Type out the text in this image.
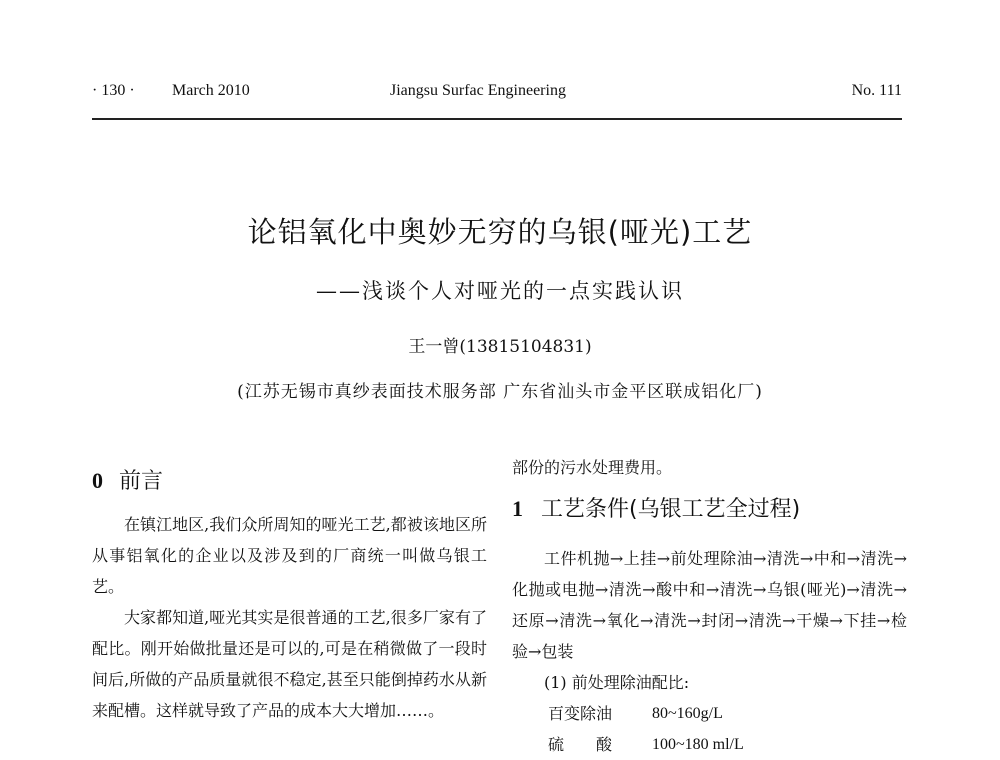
· 130 · March 2010	Jiangsu Surfac Engineering	No. 111
论铝氧化中奥妙无穷的乌银(哑光)工艺
——浅谈个人对哑光的一点实践认识
王一曾(13815104831)
(江苏无锡市真纱表面技术服务部 广东省汕头市金平区联成铝化厂)
0 前言

在镇江地区,我们众所周知的哑光工艺,都被该地区所从事铝氧化的企业以及涉及到的厂商统一叫做乌银工艺。

大家都知道,哑光其实是很普通的工艺,很多厂家有了配比。刚开始做批量还是可以的,可是在稍微做了一段时间后,所做的产品质量就很不稳定,甚至只能倒掉药水从新来配槽。这样就导致了产品的成本大大增加……。

部份的污水处理费用。

1 工艺条件(乌银工艺全过程)

工件机抛→上挂→前处理除油→清洗→中和→清洗→化抛或电抛→清洗→酸中和→清洗→乌银(哑光)→清洗→还原→清洗→氧化→清洗→封闭→清洗→干燥→下挂→检验→包装

(1) 前处理除油配比:

百变除油	80~160g/L
硫　　酸	100~180 ml/L
